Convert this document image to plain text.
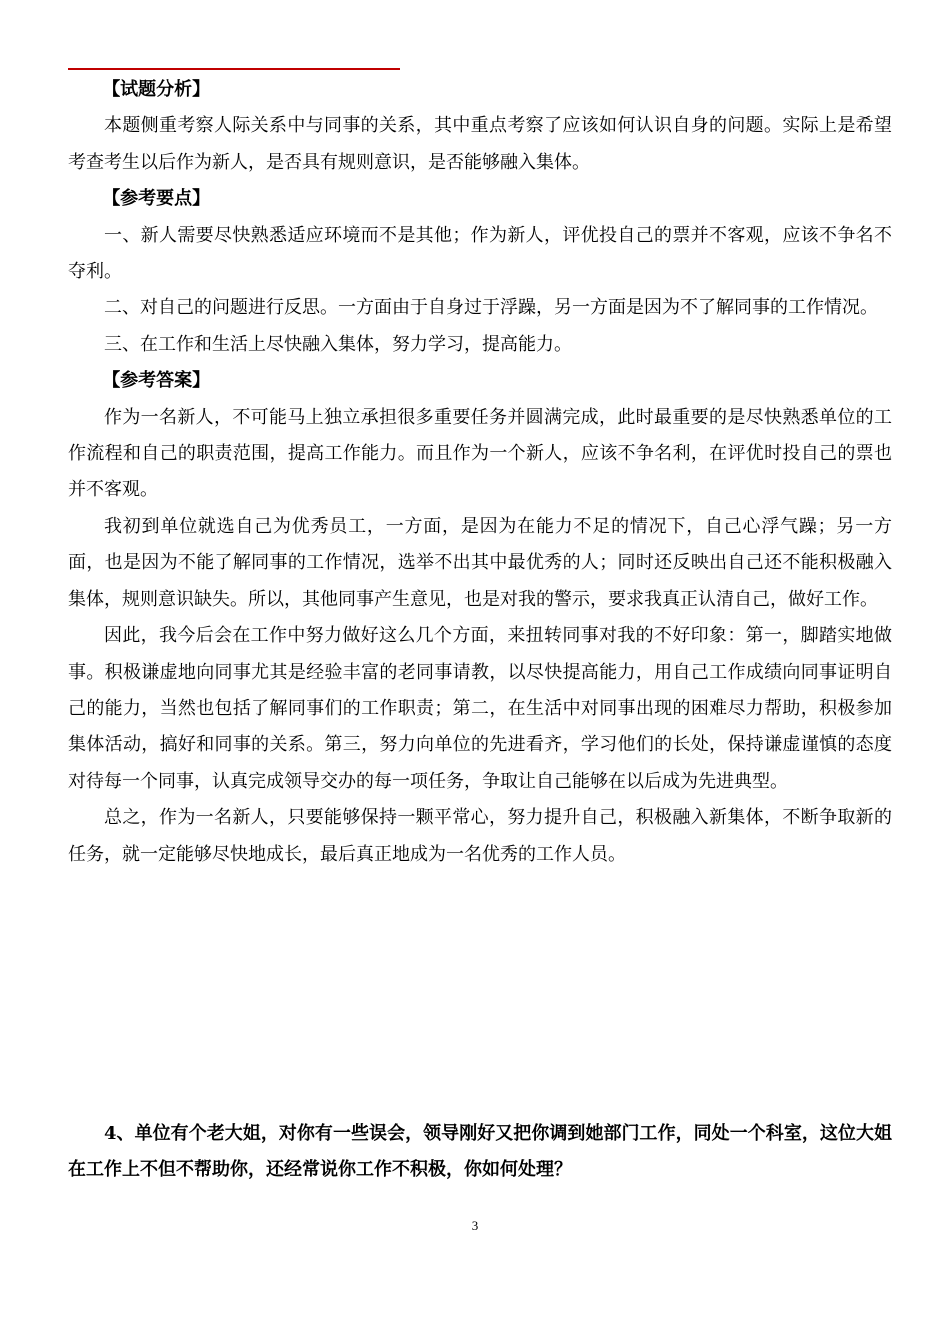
【试题分析】

本题侧重考察人际关系中与同事的关系，其中重点考察了应该如何认识自身的问题。实际上是希望考查考生以后作为新人，是否具有规则意识，是否能够融入集体。

【参考要点】

一、新人需要尽快熟悉适应环境而不是其他；作为新人，评优投自己的票并不客观，应该不争名不夺利。

二、对自己的问题进行反思。一方面由于自身过于浮躁，另一方面是因为不了解同事的工作情况。

三、在工作和生活上尽快融入集体，努力学习，提高能力。

【参考答案】

作为一名新人，不可能马上独立承担很多重要任务并圆满完成，此时最重要的是尽快熟悉单位的工作流程和自己的职责范围，提高工作能力。而且作为一个新人，应该不争名利，在评优时投自己的票也并不客观。

我初到单位就选自己为优秀员工，一方面，是因为在能力不足的情况下，自己心浮气躁；另一方面，也是因为不能了解同事的工作情况，选举不出其中最优秀的人；同时还反映出自己还不能积极融入集体，规则意识缺失。所以，其他同事产生意见，也是对我的警示，要求我真正认清自己，做好工作。

因此，我今后会在工作中努力做好这么几个方面，来扭转同事对我的不好印象：第一，脚踏实地做事。积极谦虚地向同事尤其是经验丰富的老同事请教，以尽快提高能力，用自己工作成绩向同事证明自己的能力，当然也包括了解同事们的工作职责；第二，在生活中对同事出现的困难尽力帮助，积极参加集体活动，搞好和同事的关系。第三，努力向单位的先进看齐，学习他们的长处，保持谦虚谨慎的态度对待每一个同事，认真完成领导交办的每一项任务，争取让自己能够在以后成为先进典型。

总之，作为一名新人，只要能够保持一颗平常心，努力提升自己，积极融入新集体，不断争取新的任务，就一定能够尽快地成长，最后真正地成为一名优秀的工作人员。

4、单位有个老大姐，对你有一些误会，领导刚好又把你调到她部门工作，同处一个科室，这位大姐在工作上不但不帮助你，还经常说你工作不积极，你如何处理？

3
